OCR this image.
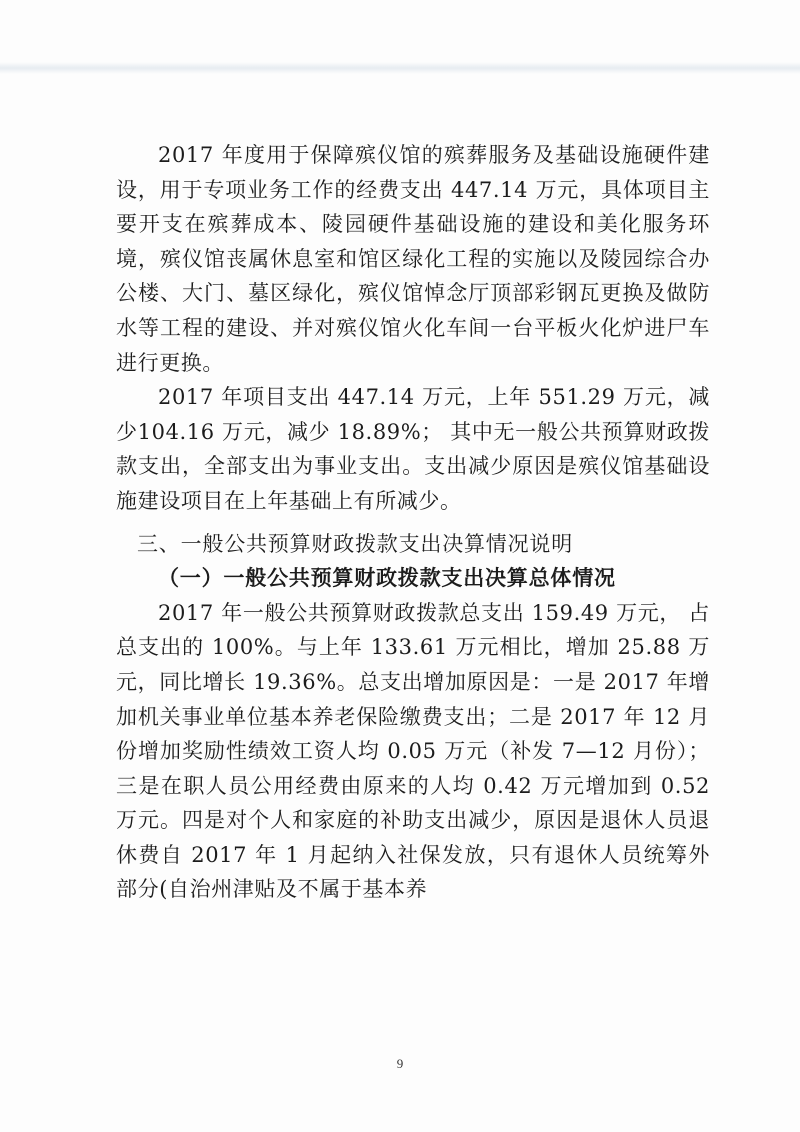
2017 年度用于保障殡仪馆的殡葬服务及基础设施硬件建设，用于专项业务工作的经费支出 447.14 万元，具体项目主要开支在殡葬成本、陵园硬件基础设施的建设和美化服务环境，殡仪馆丧属休息室和馆区绿化工程的实施以及陵园综合办公楼、大门、墓区绿化，殡仪馆悼念厅顶部彩钢瓦更换及做防水等工程的建设、并对殡仪馆火化车间一台平板火化炉进尸车进行更换。

2017 年项目支出 447.14 万元，上年 551.29 万元，减少104.16 万元，减少 18.89%； 其中无一般公共预算财政拨款支出，全部支出为事业支出。支出减少原因是殡仪馆基础设施建设项目在上年基础上有所减少。

三、一般公共预算财政拨款支出决算情况说明

（一）一般公共预算财政拨款支出决算总体情况

2017 年一般公共预算财政拨款总支出 159.49 万元， 占总支出的 100%。与上年 133.61 万元相比，增加 25.88 万元，同比增长 19.36%。总支出增加原因是：一是 2017 年增加机关事业单位基本养老保险缴费支出；二是 2017 年 12 月份增加奖励性绩效工资人均 0.05 万元（补发 7—12 月份）；三是在职人员公用经费由原来的人均 0.42 万元增加到 0.52 万元。四是对个人和家庭的补助支出减少，原因是退休人员退休费自 2017 年 1 月起纳入社保发放，只有退休人员统筹外部分(自治州津贴及不属于基本养

9
